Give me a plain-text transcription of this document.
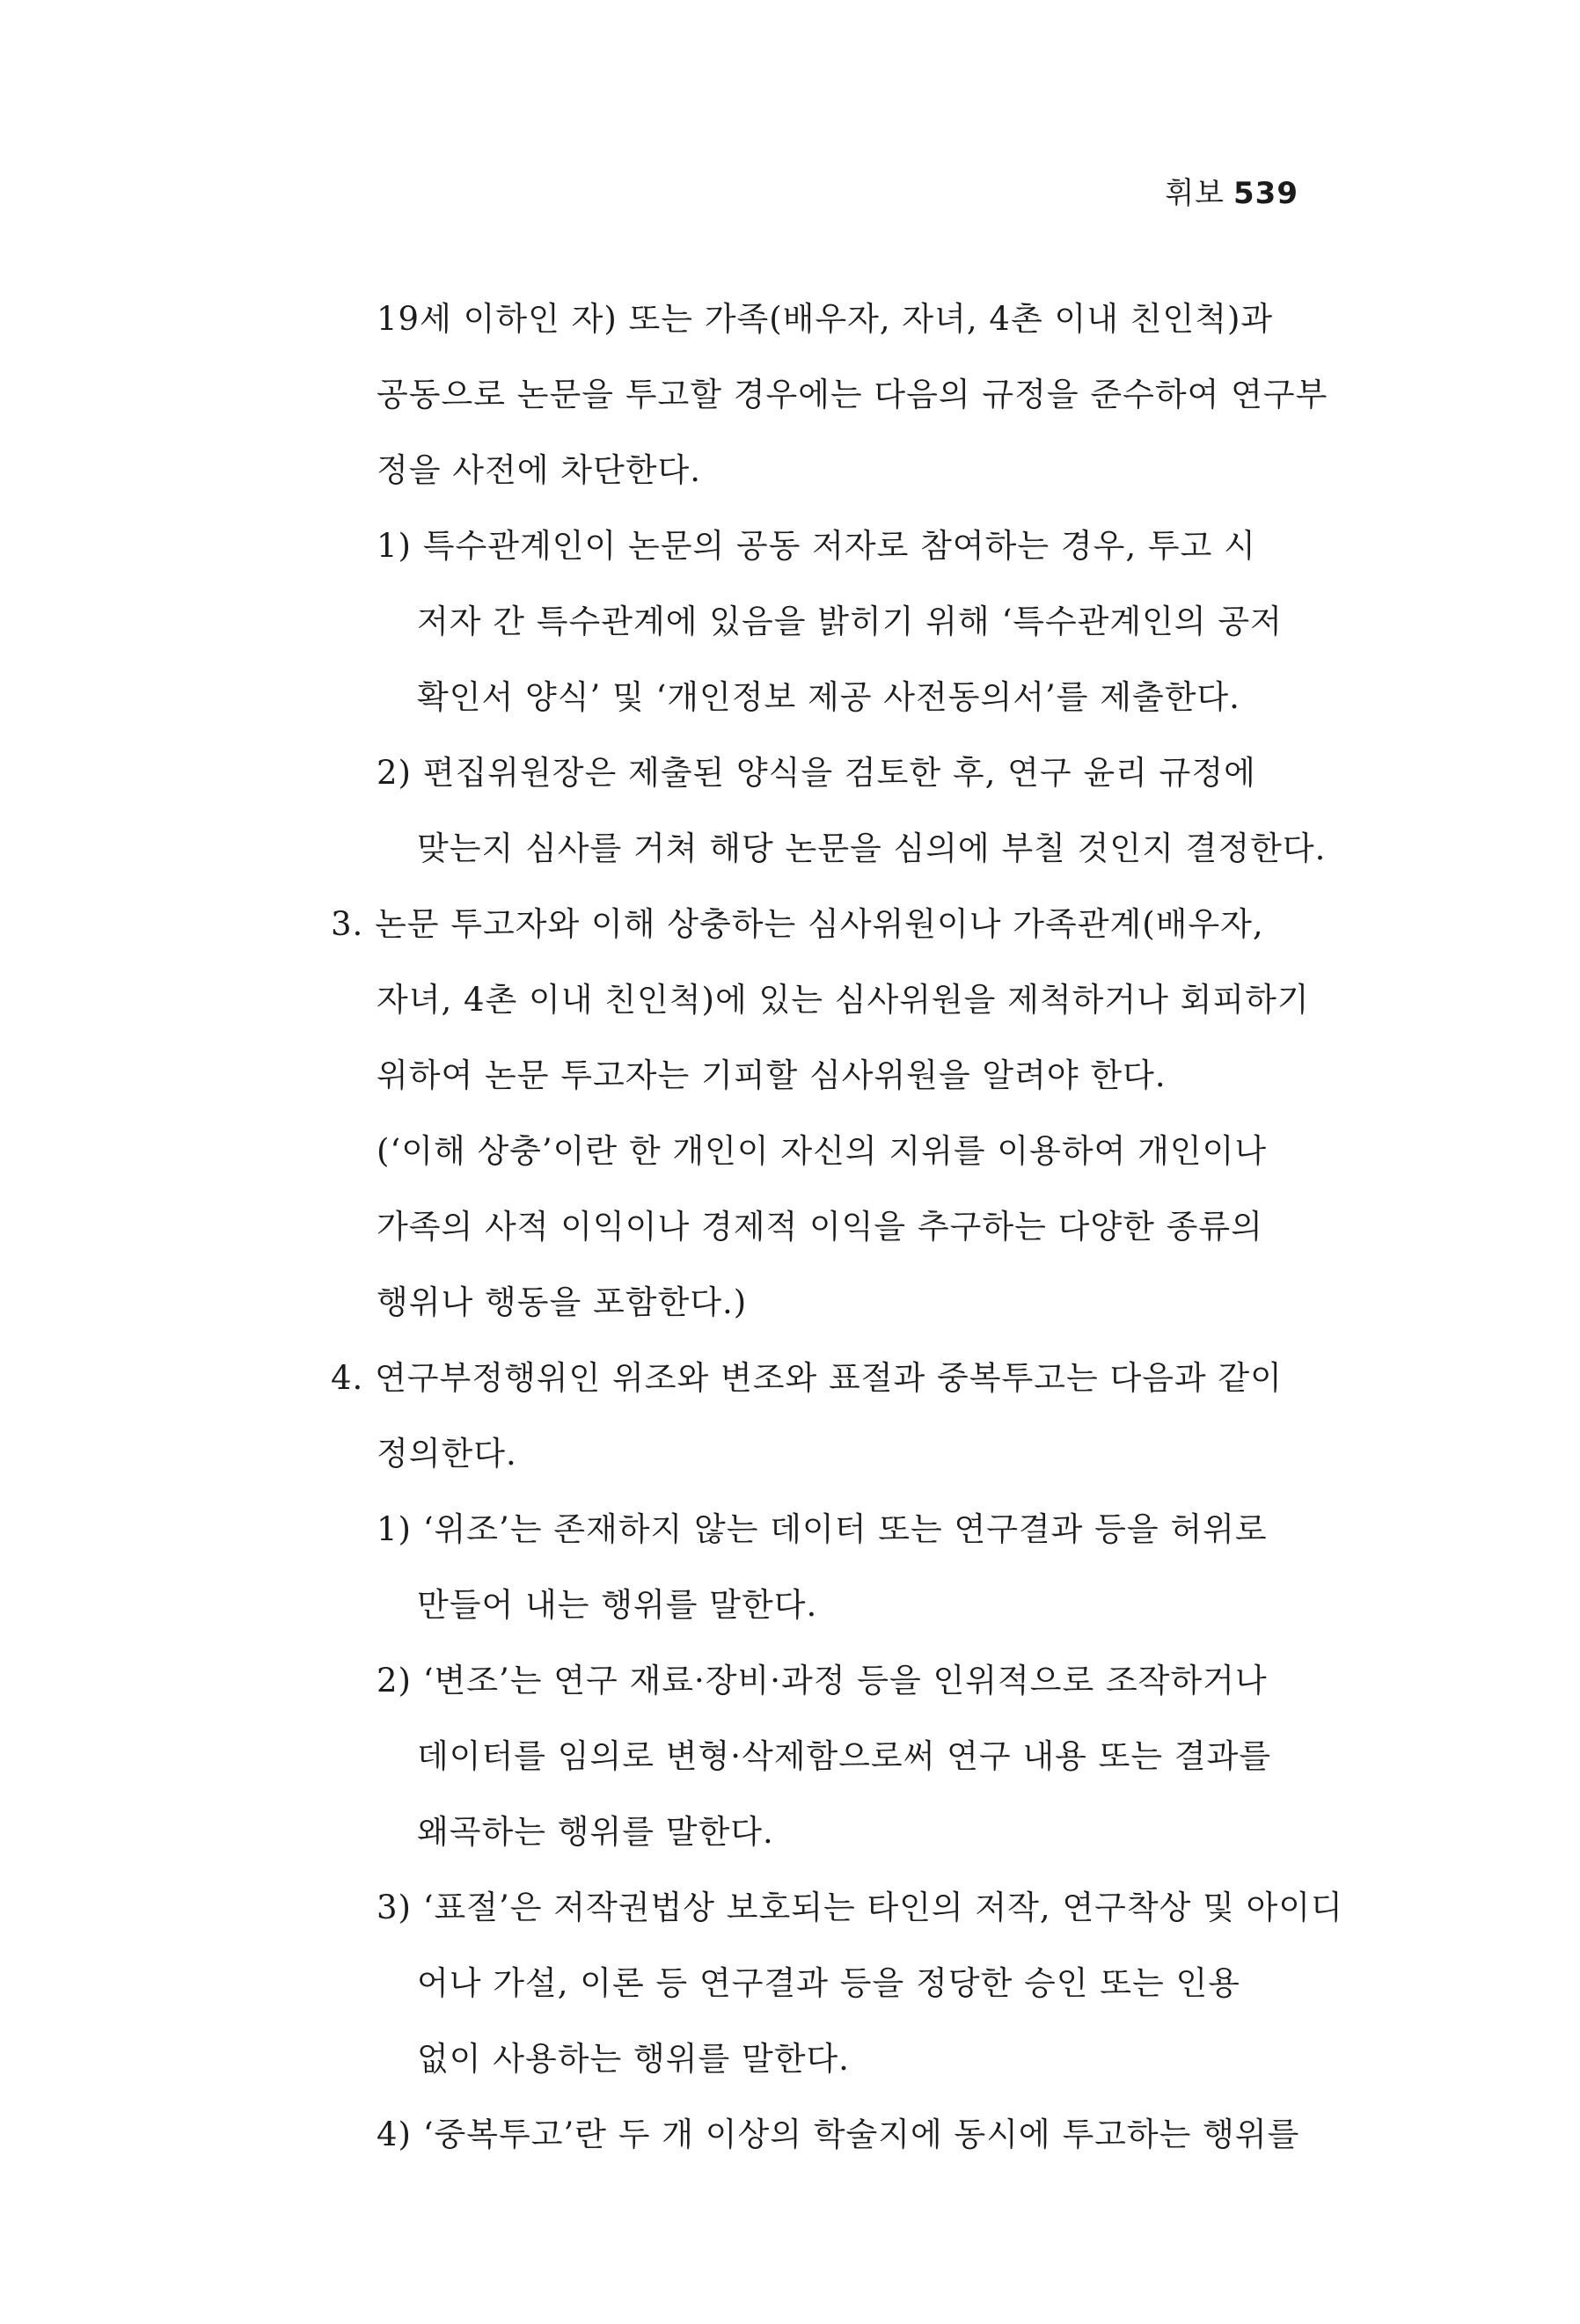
휘보 539
19세 이하인 자) 또는 가족(배우자, 자녀, 4촌 이내 친인척)과
공동으로 논문을 투고할 경우에는 다음의 규정을 준수하여 연구부
정을 사전에 차단한다.
1) 특수관계인이 논문의 공동 저자로 참여하는 경우, 투고 시
저자 간 특수관계에 있음을 밝히기 위해 ‘특수관계인의 공저
확인서 양식’ 및 ‘개인정보 제공 사전동의서’를 제출한다.
2) 편집위원장은 제출된 양식을 검토한 후, 연구 윤리 규정에
맞는지 심사를 거쳐 해당 논문을 심의에 부칠 것인지 결정한다.
3. 논문 투고자와 이해 상충하는 심사위원이나 가족관계(배우자,
자녀, 4촌 이내 친인척)에 있는 심사위원을 제척하거나 회피하기
위하여 논문 투고자는 기피할 심사위원을 알려야 한다.
(‘이해 상충’이란 한 개인이 자신의 지위를 이용하여 개인이나
가족의 사적 이익이나 경제적 이익을 추구하는 다양한 종류의
행위나 행동을 포함한다.)
4. 연구부정행위인 위조와 변조와 표절과 중복투고는 다음과 같이
정의한다.
1) ‘위조’는 존재하지 않는 데이터 또는 연구결과 등을 허위로
만들어 내는 행위를 말한다.
2) ‘변조’는 연구 재료·장비·과정 등을 인위적으로 조작하거나
데이터를 임의로 변형·삭제함으로써 연구 내용 또는 결과를
왜곡하는 행위를 말한다.
3) ‘표절’은 저작권법상 보호되는 타인의 저작, 연구착상 및 아이디
어나 가설, 이론 등 연구결과 등을 정당한 승인 또는 인용
없이 사용하는 행위를 말한다.
4) ‘중복투고’란 두 개 이상의 학술지에 동시에 투고하는 행위를
